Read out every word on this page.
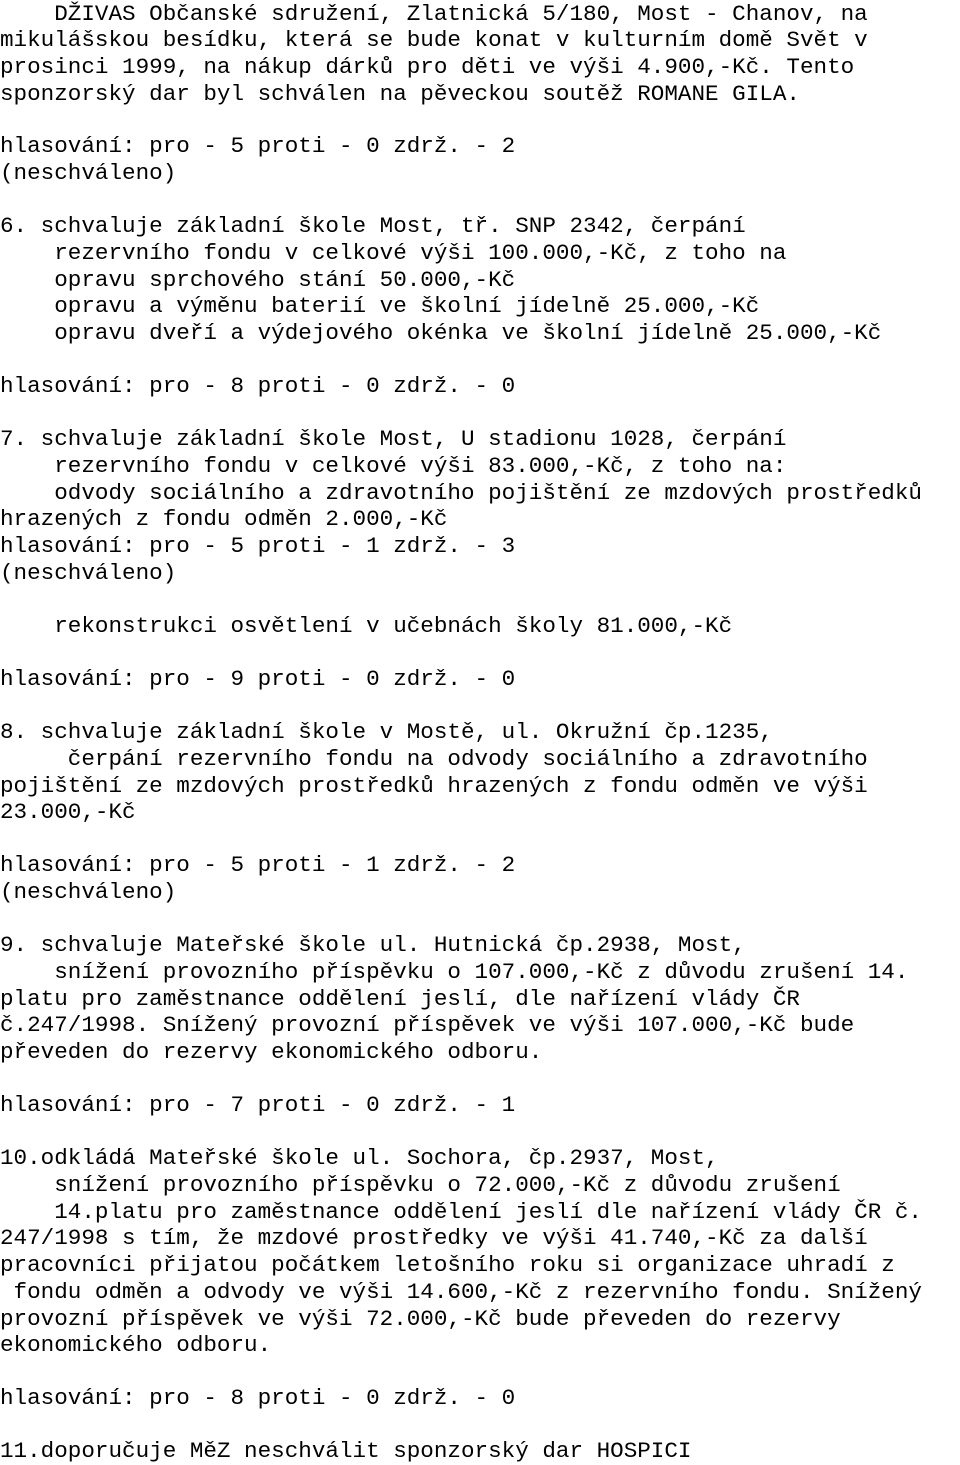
DŽIVAS Občanské sdružení, Zlatnická 5/180, Most - Chanov, na
mikulášskou besídku, která se bude konat v kulturním domě Svět v
prosinci 1999, na nákup dárků pro děti ve výši 4.900,-Kč. Tento
sponzorský dar byl schválen na pěveckou soutěž ROMANE GILA.
hlasování: pro - 5 proti - 0 zdrž. - 2
(neschváleno)
6. schvaluje základní škole Most, tř. SNP 2342, čerpání
rezervního fondu v celkové výši 100.000,-Kč, z toho na
opravu sprchového stání 50.000,-Kč
opravu a výměnu baterií ve školní jídelně 25.000,-Kč
opravu dveří a výdejového okénka ve školní jídelně 25.000,-Kč
hlasování: pro - 8 proti - 0 zdrž. - 0
7. schvaluje základní škole Most, U stadionu 1028, čerpání
rezervního fondu v celkové výši 83.000,-Kč, z toho na:
odvody sociálního a zdravotního pojištění ze mzdových prostředků
hrazených z fondu odměn 2.000,-Kč
hlasování: pro - 5 proti - 1 zdrž. - 3
(neschváleno)
rekonstrukci osvětlení v učebnách školy 81.000,-Kč
hlasování: pro - 9 proti - 0 zdrž. - 0
8. schvaluje základní škole v Mostě, ul. Okružní čp.1235,
čerpání rezervního fondu na odvody sociálního a zdravotního
pojištění ze mzdových prostředků hrazených z fondu odměn ve výši
23.000,-Kč
hlasování: pro - 5 proti - 1 zdrž. - 2
(neschváleno)
9. schvaluje Mateřské škole ul. Hutnická čp.2938, Most,
snížení provozního příspěvku o 107.000,-Kč z důvodu zrušení 14.
platu pro zaměstnance oddělení jeslí, dle nařízení vlády ČR
č.247/1998. Snížený provozní příspěvek ve výši 107.000,-Kč bude
převeden do rezervy ekonomického odboru.
hlasování: pro - 7 proti - 0 zdrž. - 1
10.odkládá Mateřské škole ul. Sochora, čp.2937, Most,
snížení provozního příspěvku o 72.000,-Kč z důvodu zrušení
14.platu pro zaměstnance oddělení jeslí dle nařízení vlády ČR č.
247/1998 s tím, že mzdové prostředky ve výši 41.740,-Kč za další
pracovníci přijatou počátkem letošního roku si organizace uhradí z
fondu odměn a odvody ve výši 14.600,-Kč z rezervního fondu. Snížený
provozní příspěvek ve výši 72.000,-Kč bude převeden do rezervy
ekonomického odboru.
hlasování: pro - 8 proti - 0 zdrž. - 0
11.doporučuje MěZ neschválit sponzorský dar HOSPICI
